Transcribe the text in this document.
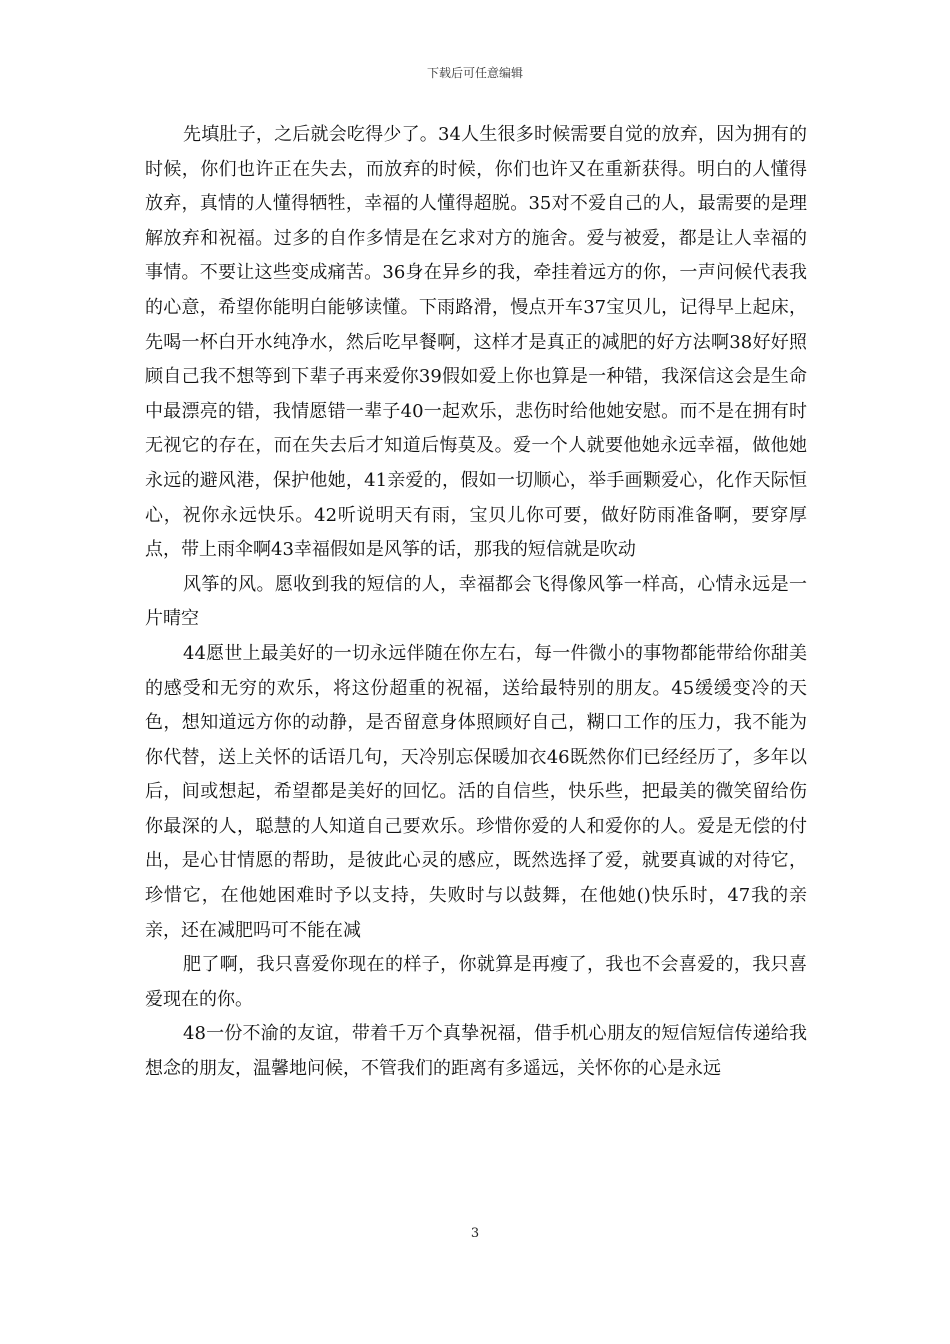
下载后可任意编辑

先填肚子，之后就会吃得少了。34人生很多时候需要自觉的放弃，因为拥有的时候，你们也许正在失去，而放弃的时候，你们也许又在重新获得。明白的人懂得放弃，真情的人懂得牺牲，幸福的人懂得超脱。35对不爱自己的人，最需要的是理解放弃和祝福。过多的自作多情是在乞求对方的施舍。爱与被爱，都是让人幸福的事情。不要让这些变成痛苦。36身在异乡的我，牵挂着远方的你，一声问候代表我的心意，希望你能明白能够读懂。下雨路滑，慢点开车37宝贝儿，记得早上起床，先喝一杯白开水纯净水，然后吃早餐啊，这样才是真正的减肥的好方法啊38好好照顾自己我不想等到下辈子再来爱你39假如爱上你也算是一种错，我深信这会是生命中最漂亮的错，我情愿错一辈子40一起欢乐，悲伤时给他她安慰。而不是在拥有时无视它的存在，而在失去后才知道后悔莫及。爱一个人就要他她永远幸福，做他她永远的避风港，保护他她，41亲爱的，假如一切顺心，举手画颗爱心，化作天际恒心，祝你永远快乐。42听说明天有雨，宝贝儿你可要，做好防雨准备啊，要穿厚点，带上雨伞啊43幸福假如是风筝的话，那我的短信就是吹动

风筝的风。愿收到我的短信的人，幸福都会飞得像风筝一样高，心情永远是一片晴空

44愿世上最美好的一切永远伴随在你左右，每一件微小的事物都能带给你甜美的感受和无穷的欢乐，将这份超重的祝福，送给最特别的朋友。45缓缓变冷的天色，想知道远方你的动静，是否留意身体照顾好自己，糊口工作的压力，我不能为你代替，送上关怀的话语几句，天冷别忘保暖加衣46既然你们已经经历了，多年以后，间或想起，希望都是美好的回忆。活的自信些，快乐些，把最美的微笑留给伤你最深的人，聪慧的人知道自己要欢乐。珍惜你爱的人和爱你的人。爱是无偿的付出，是心甘情愿的帮助，是彼此心灵的感应，既然选择了爱，就要真诚的对待它，珍惜它，在他她困难时予以支持，失败时与以鼓舞，在他她()快乐时，47我的亲亲，还在减肥吗可不能在减

肥了啊，我只喜爱你现在的样子，你就算是再瘦了，我也不会喜爱的，我只喜爱现在的你。

48一份不渝的友谊，带着千万个真挚祝福，借手机心朋友的短信短信传递给我想念的朋友，温馨地问候，不管我们的距离有多遥远，关怀你的心是永远

3
